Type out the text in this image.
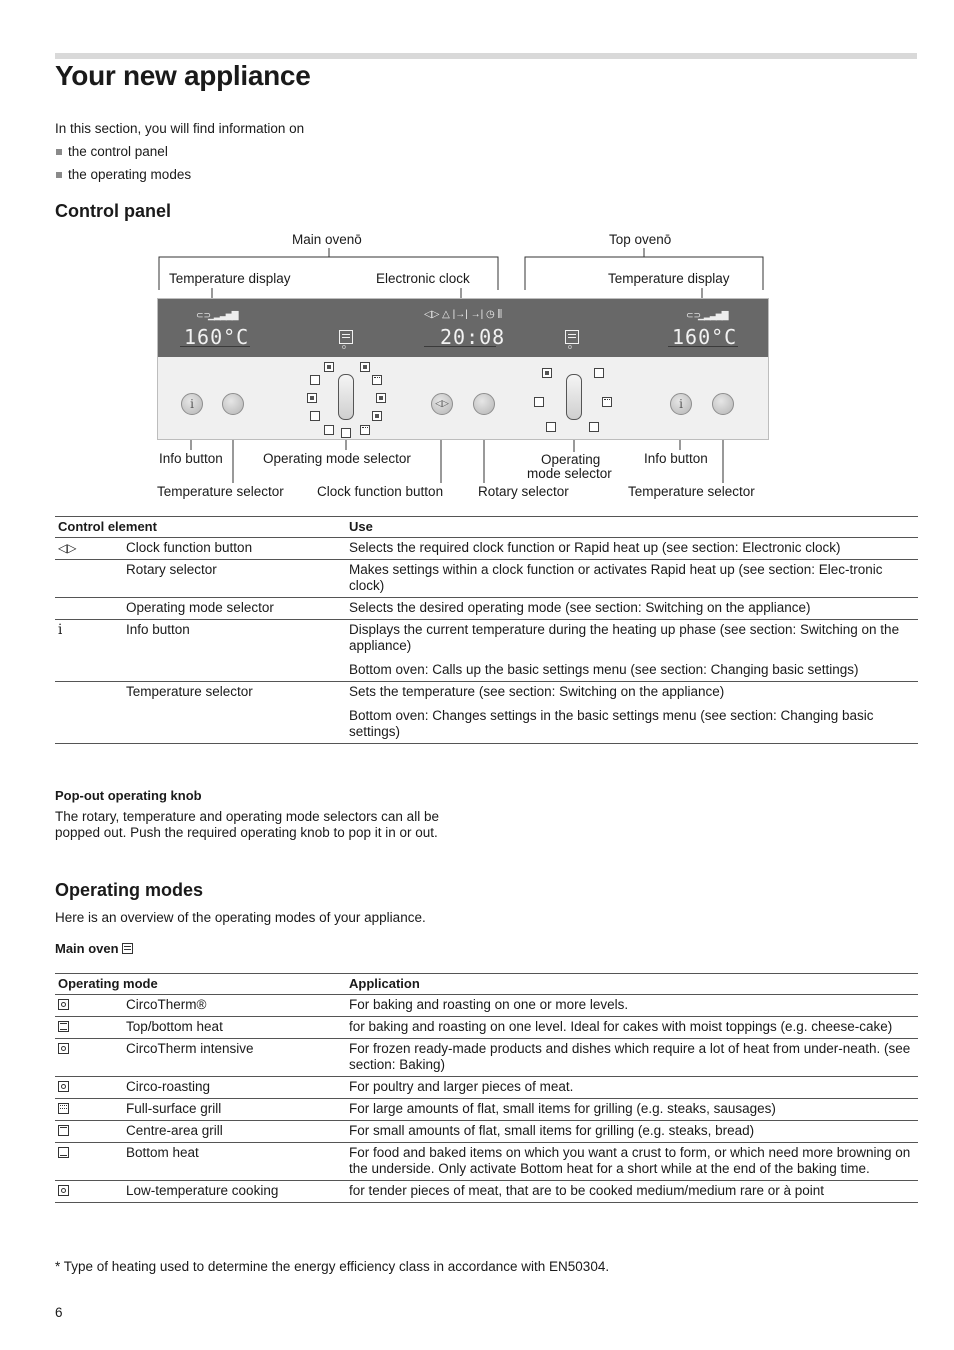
Your new appliance
In this section, you will find information on
the control panel
the operating modes
Control panel
Main ovenō	Top ovenō
Temperature display	Electronic clock	Temperature display
⊂⊃
▁▂▃▅▇
160°C	o
◁▷ △ |→| →| ◷ ⫼
20:08	o
⊂⊃
▁▂▃▅▇
160°C
i	◁▷	i
Info button	Operating mode selector	Operating
mode selector
Info button
Temperature selector Clock function button	Rotary selector	Temperature selector
Control element		Use
◁▷	Clock function button	Selects the required clock function or Rapid heat up (see section: Electronic clock)

	Rotary selector	Makes settings within a clock function or activates Rapid heat up (see section: Elec-tronic clock)

	Operating mode selector	Selects the desired operating mode (see section: Switching on the appliance)

i	Info button	Displays the current temperature during the heating up phase (see section: Switching on the appliance)

Bottom oven: Calls up the basic settings menu (see section: Changing basic settings)

	Temperature selector	Sets the temperature (see section: Switching on the appliance)

Bottom oven: Changes settings in the basic settings menu (see section: Changing basic settings)

Pop-out operating knob
The rotary, temperature and operating mode selectors can all be popped out. Push the required operating knob to pop it in or out.
Operating modes
Here is an overview of the operating modes of your appliance.
Main oven
Operating mode		Application
	CircoTherm®	For baking and roasting on one or more levels.
	Top/bottom heat	for baking and roasting on one level. Ideal for cakes with moist toppings (e.g. cheese-cake)
	CircoTherm intensive	For frozen ready-made products and dishes which require a lot of heat from under-neath. (see section: Baking)
	Circo-roasting	For poultry and larger pieces of meat.
	Full-surface grill	For large amounts of flat, small items for grilling (e.g. steaks, sausages)
	Centre-area grill	For small amounts of flat, small items for grilling (e.g. steaks, bread)
	Bottom heat	For food and baked items on which you want a crust to form, or which need more browning on the underside. Only activate Bottom heat for a short while at the end of the baking time.
	Low-temperature cooking	for tender pieces of meat, that are to be cooked medium/medium rare or à point
* Type of heating used to determine the energy efficiency class in accordance with EN50304.
6
